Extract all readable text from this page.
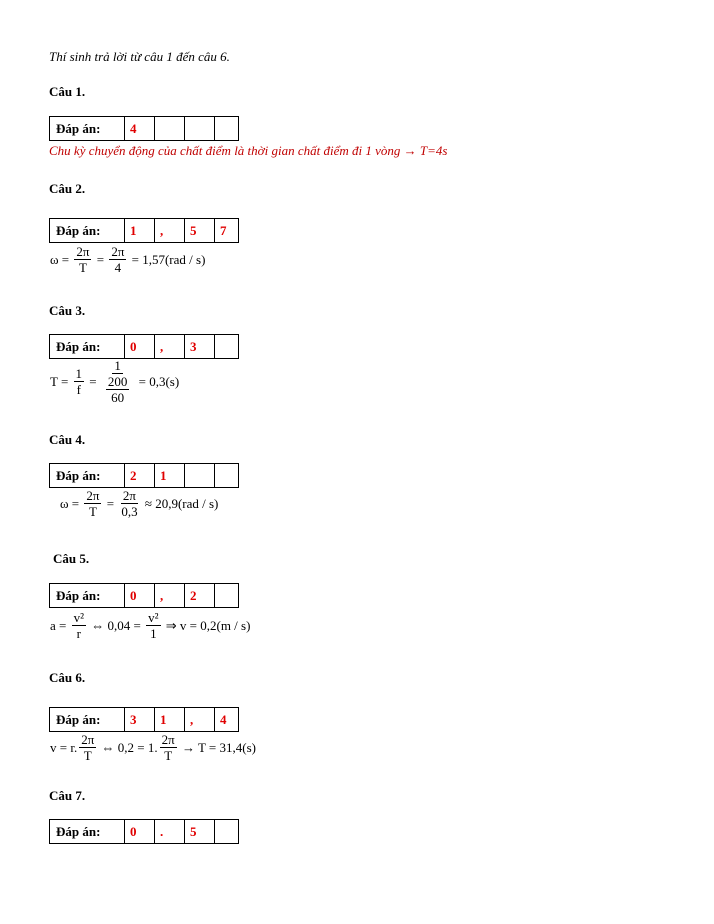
Thí sinh trả lời từ câu 1 đến câu 6.
Câu 1.
Đáp án:	4			
Chu kỳ chuyển động của chất điểm là thời gian chất điểm đi 1 vòng → T=4s
Câu 2.
Đáp án:	1	,	5	7
$\omega = \frac{2\pi}{T} = \frac{2\pi}{4} = 1,57(rad / s)$
Câu 3.
Đáp án:	0	,	3	
$T = \frac{1}{f} = \frac{1}{\frac{200}{60}} = 0,3(s)$
Câu 4.
Đáp án:	2	1		
$\omega = \frac{2\pi}{T} = \frac{2\pi}{0,3} \approx 20,9(rad / s)$
Câu 5.
Đáp án:	0	,	2	
$a = \frac{\text{v²}}{r}$ ⇔ $0,04 = \frac{\text{v²}}{1}$ ⇒ v = 0,2(m / s)
Câu 6.
Đáp án:	3	1	,	4
v = r. $\frac{2\pi}{T}$ ⇔ 0,2 = 1. $\frac{2\pi}{T} \to T = 31,4(s)$
Câu 7.
Đáp án:	0	.	5	
